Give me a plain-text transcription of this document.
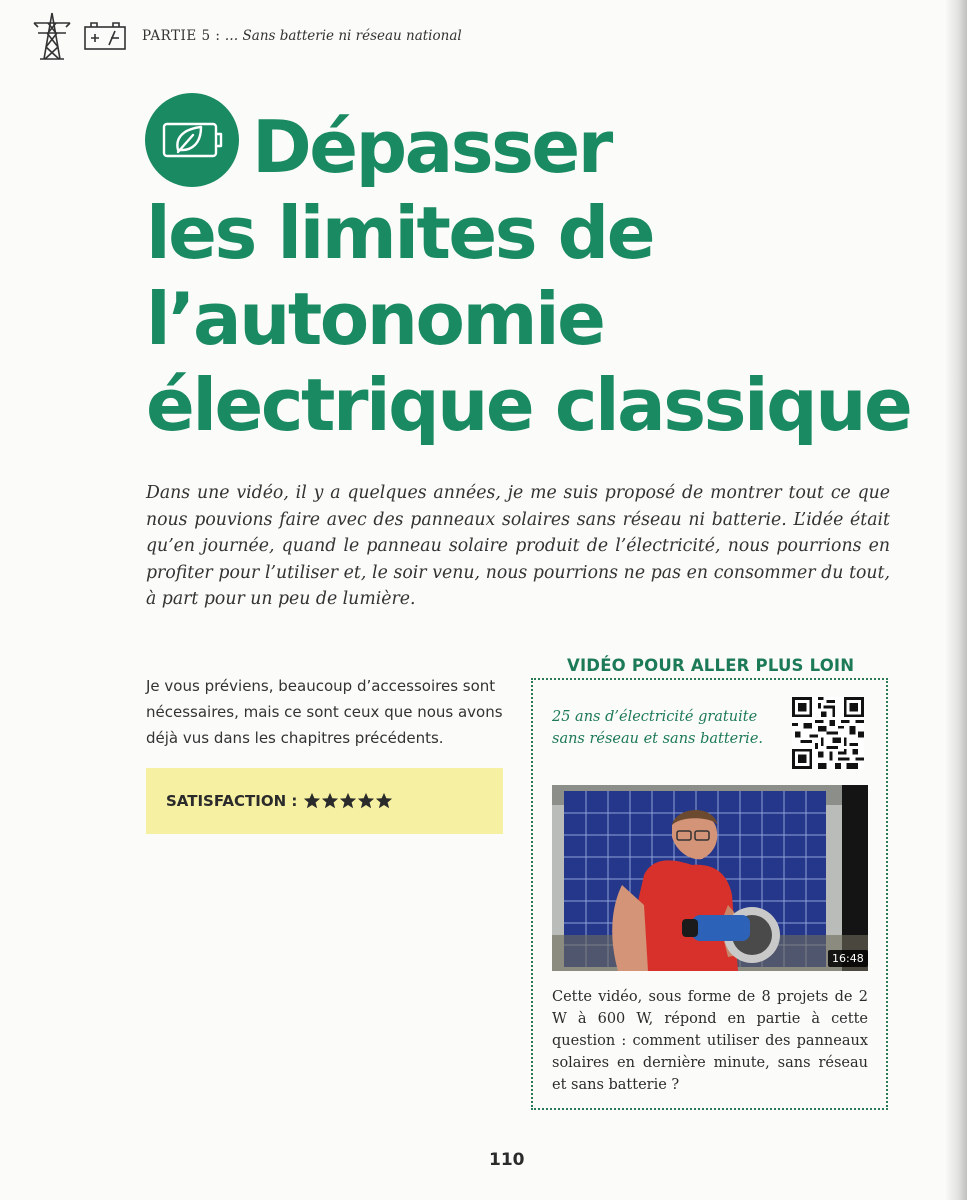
PARTIE 5 : … Sans batterie ni réseau national
Dépasser
les limites de
l’autonomie
électrique classique

Dans une vidéo, il y a quelques années, je me suis proposé de montrer tout ce que nous pouvions faire avec des panneaux solaires sans réseau ni batterie. L’idée était qu’en journée, quand le panneau solaire produit de l’électricité, nous pourrions en profiter pour l’utiliser et, le soir venu, nous pourrions ne pas en consommer du tout, à part pour un peu de lumière.

Je vous préviens, beaucoup d’accessoires sont nécessaires, mais ce sont ceux que nous avons déjà vus dans les chapitres précédents.

SATISFACTION :
VIDÉO POUR ALLER PLUS LOIN

25 ans d’électricité gratuite sans réseau et sans batterie.

16:48

Cette vidéo, sous forme de 8 projets de 2 W à 600 W, répond en partie à cette question : comment utiliser des panneaux solaires en dernière minute, sans réseau et sans batterie ?

110
